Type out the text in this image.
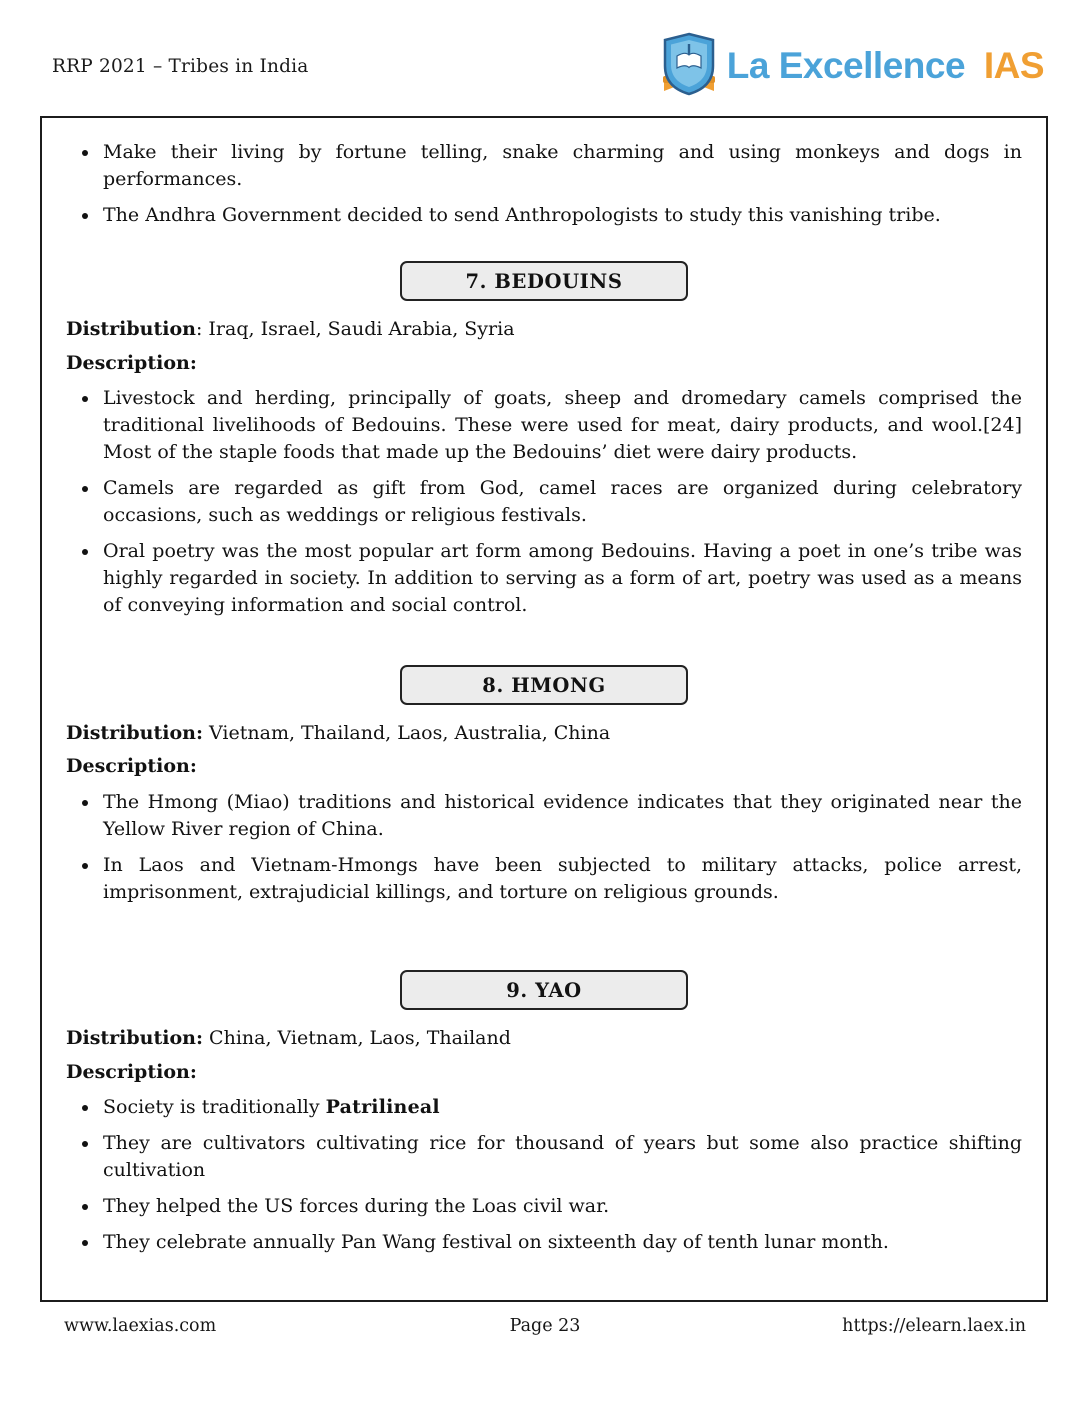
RRP 2021 – Tribes in India	La Excellence IAS
• Make their living by fortune telling, snake charming and using monkeys and dogs in performances.
• The Andhra Government decided to send Anthropologists to study this vanishing tribe.
7. BEDOUINS

Distribution: Iraq, Israel, Saudi Arabia, Syria

Description:

• Livestock and herding, principally of goats, sheep and dromedary camels comprised the traditional livelihoods of Bedouins. These were used for meat, dairy products, and wool.[24] Most of the staple foods that made up the Bedouins’ diet were dairy products.
• Camels are regarded as gift from God, camel races are organized during celebratory occasions, such as weddings or religious festivals.
• Oral poetry was the most popular art form among Bedouins. Having a poet in one’s tribe was highly regarded in society. In addition to serving as a form of art, poetry was used as a means of conveying information and social control.
8. HMONG

Distribution: Vietnam, Thailand, Laos, Australia, China

Description:

• The Hmong (Miao) traditions and historical evidence indicates that they originated near the Yellow River region of China.
• In Laos and Vietnam-Hmongs have been subjected to military attacks, police arrest, imprisonment, extrajudicial killings, and torture on religious grounds.
9. YAO

Distribution: China, Vietnam, Laos, Thailand

Description:

• Society is traditionally Patrilineal
• They are cultivators cultivating rice for thousand of years but some also practice shifting cultivation
• They helped the US forces during the Loas civil war.
• They celebrate annually Pan Wang festival on sixteenth day of tenth lunar month.
www.laexias.com	Page 23	https://elearn.laex.in
